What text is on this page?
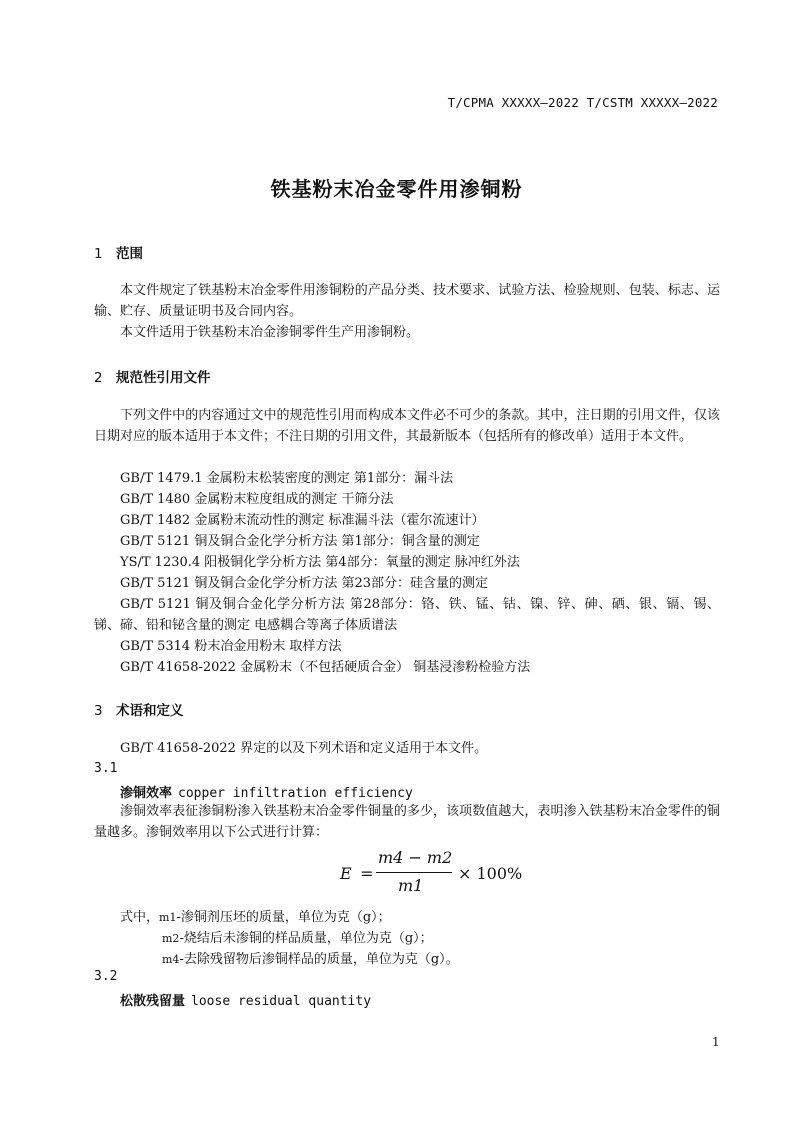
T/CPMA XXXXX—2022 T/CSTM XXXXX—2022
铁基粉末冶金零件用渗铜粉
1 范围
本文件规定了铁基粉末冶金零件用渗铜粉的产品分类、技术要求、试验方法、检验规则、包装、标志、运输、贮存、质量证明书及合同内容。
本文件适用于铁基粉末冶金渗铜零件生产用渗铜粉。
2 规范性引用文件
下列文件中的内容通过文中的规范性引用而构成本文件必不可少的条款。其中，注日期的引用文件，仅该日期对应的版本适用于本文件；不注日期的引用文件，其最新版本（包括所有的修改单）适用于本文件。
GB/T 1479.1 金属粉末松装密度的测定 第1部分：漏斗法
GB/T 1480 金属粉末粒度组成的测定 干筛分法
GB/T 1482 金属粉末流动性的测定 标准漏斗法（霍尔流速计）
GB/T 5121 铜及铜合金化学分析方法 第1部分：铜含量的测定
YS/T 1230.4 阳极铜化学分析方法 第4部分：氧量的测定 脉冲红外法
GB/T 5121 铜及铜合金化学分析方法 第23部分：硅含量的测定
GB/T 5121 铜及铜合金化学分析方法 第28部分：铬、铁、锰、钴、镍、锌、砷、硒、银、镉、锡、锑、碲、铅和铋含量的测定 电感耦合等离子体质谱法
GB/T 5314 粉末冶金用粉末 取样方法
GB/T 41658-2022 金属粉末（不包括硬质合金） 铜基浸渗粉检验方法
3 术语和定义
GB/T 41658-2022 界定的以及下列术语和定义适用于本文件。
3.1
渗铜效率 copper infiltration efficiency
渗铜效率表征渗铜粉渗入铁基粉末冶金零件铜量的多少，该项数值越大，表明渗入铁基粉末冶金零件的铜量越多。渗铜效率用以下公式进行计算：
E =
m4 − m2
m1
× 100%
式中，m1-渗铜剂压坯的质量，单位为克（g）；
m2-烧结后未渗铜的样品质量，单位为克（g）；
m4-去除残留物后渗铜样品的质量，单位为克（g）。
3.2
松散残留量 loose residual quantity
1
